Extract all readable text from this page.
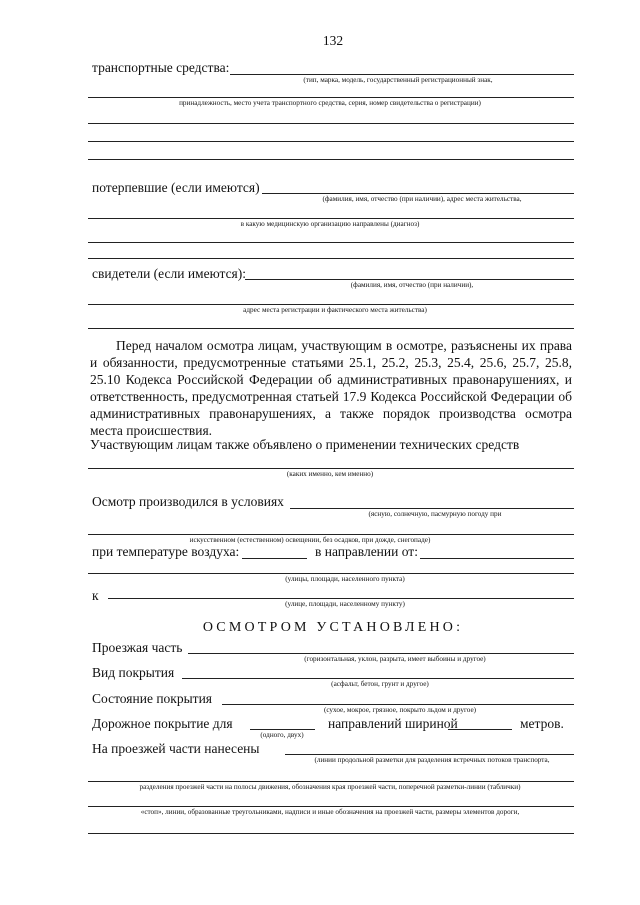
132
транспортные средства:
(тип, марка, модель, государственный регистрационный знак,
принадлежность, место учета транспортного средства, серия, номер свидетельства о регистрации)
потерпевшие (если имеются)
(фамилия, имя, отчество (при наличии), адрес места жительства,
в какую медицинскую организацию направлены (диагноз)
свидетели (если имеются):
(фамилия, имя, отчество (при наличии),
адрес места регистрации и фактического места жительства)
Перед началом осмотра лицам, участвующим в осмотре, разъяснены их права и обязанности, предусмотренные статьями 25.1, 25.2, 25.3, 25.4, 25.6, 25.7, 25.8, 25.10 Кодекса Российской Федерации об административных правонарушениях, и ответственность, предусмотренная статьей 17.9 Кодекса Российской Федерации об административных правонарушениях, а также порядок производства осмотра места происшествия.
Участвующим лицам также объявлено о применении технических средств
(каких именно, кем именно)
Осмотр производился в условиях
(ясную, солнечную, пасмурную погоду при
искусственном (естественном) освещении, без осадков, при дожде, снегопаде)
при температуре воздуха:	в направлении от:
(улицы, площади, населенного пункта)
к
(улице, площади, населенному пункту)
ОСМОТРОМ УСТАНОВЛЕНО:
Проезжая часть
(горизонтальная, уклон, разрыта, имеет выбоины и другое)
Вид покрытия
(асфальт, бетон, грунт и другое)
Состояние покрытия
(сухое, мокрое, грязное, покрыто льдом и другое)
Дорожное покрытие для
(одного, двух)
направлений шириной	метров.
На проезжей части нанесены
(линии продольной разметки для разделения встречных потоков транспорта,
разделения проезжей части на полосы движения, обозначения края проезжей части, поперечной разметки-линии (таблички)
«стоп», линии, образованные треугольниками, надписи и иные обозначения на проезжей части, размеры элементов дороги,
